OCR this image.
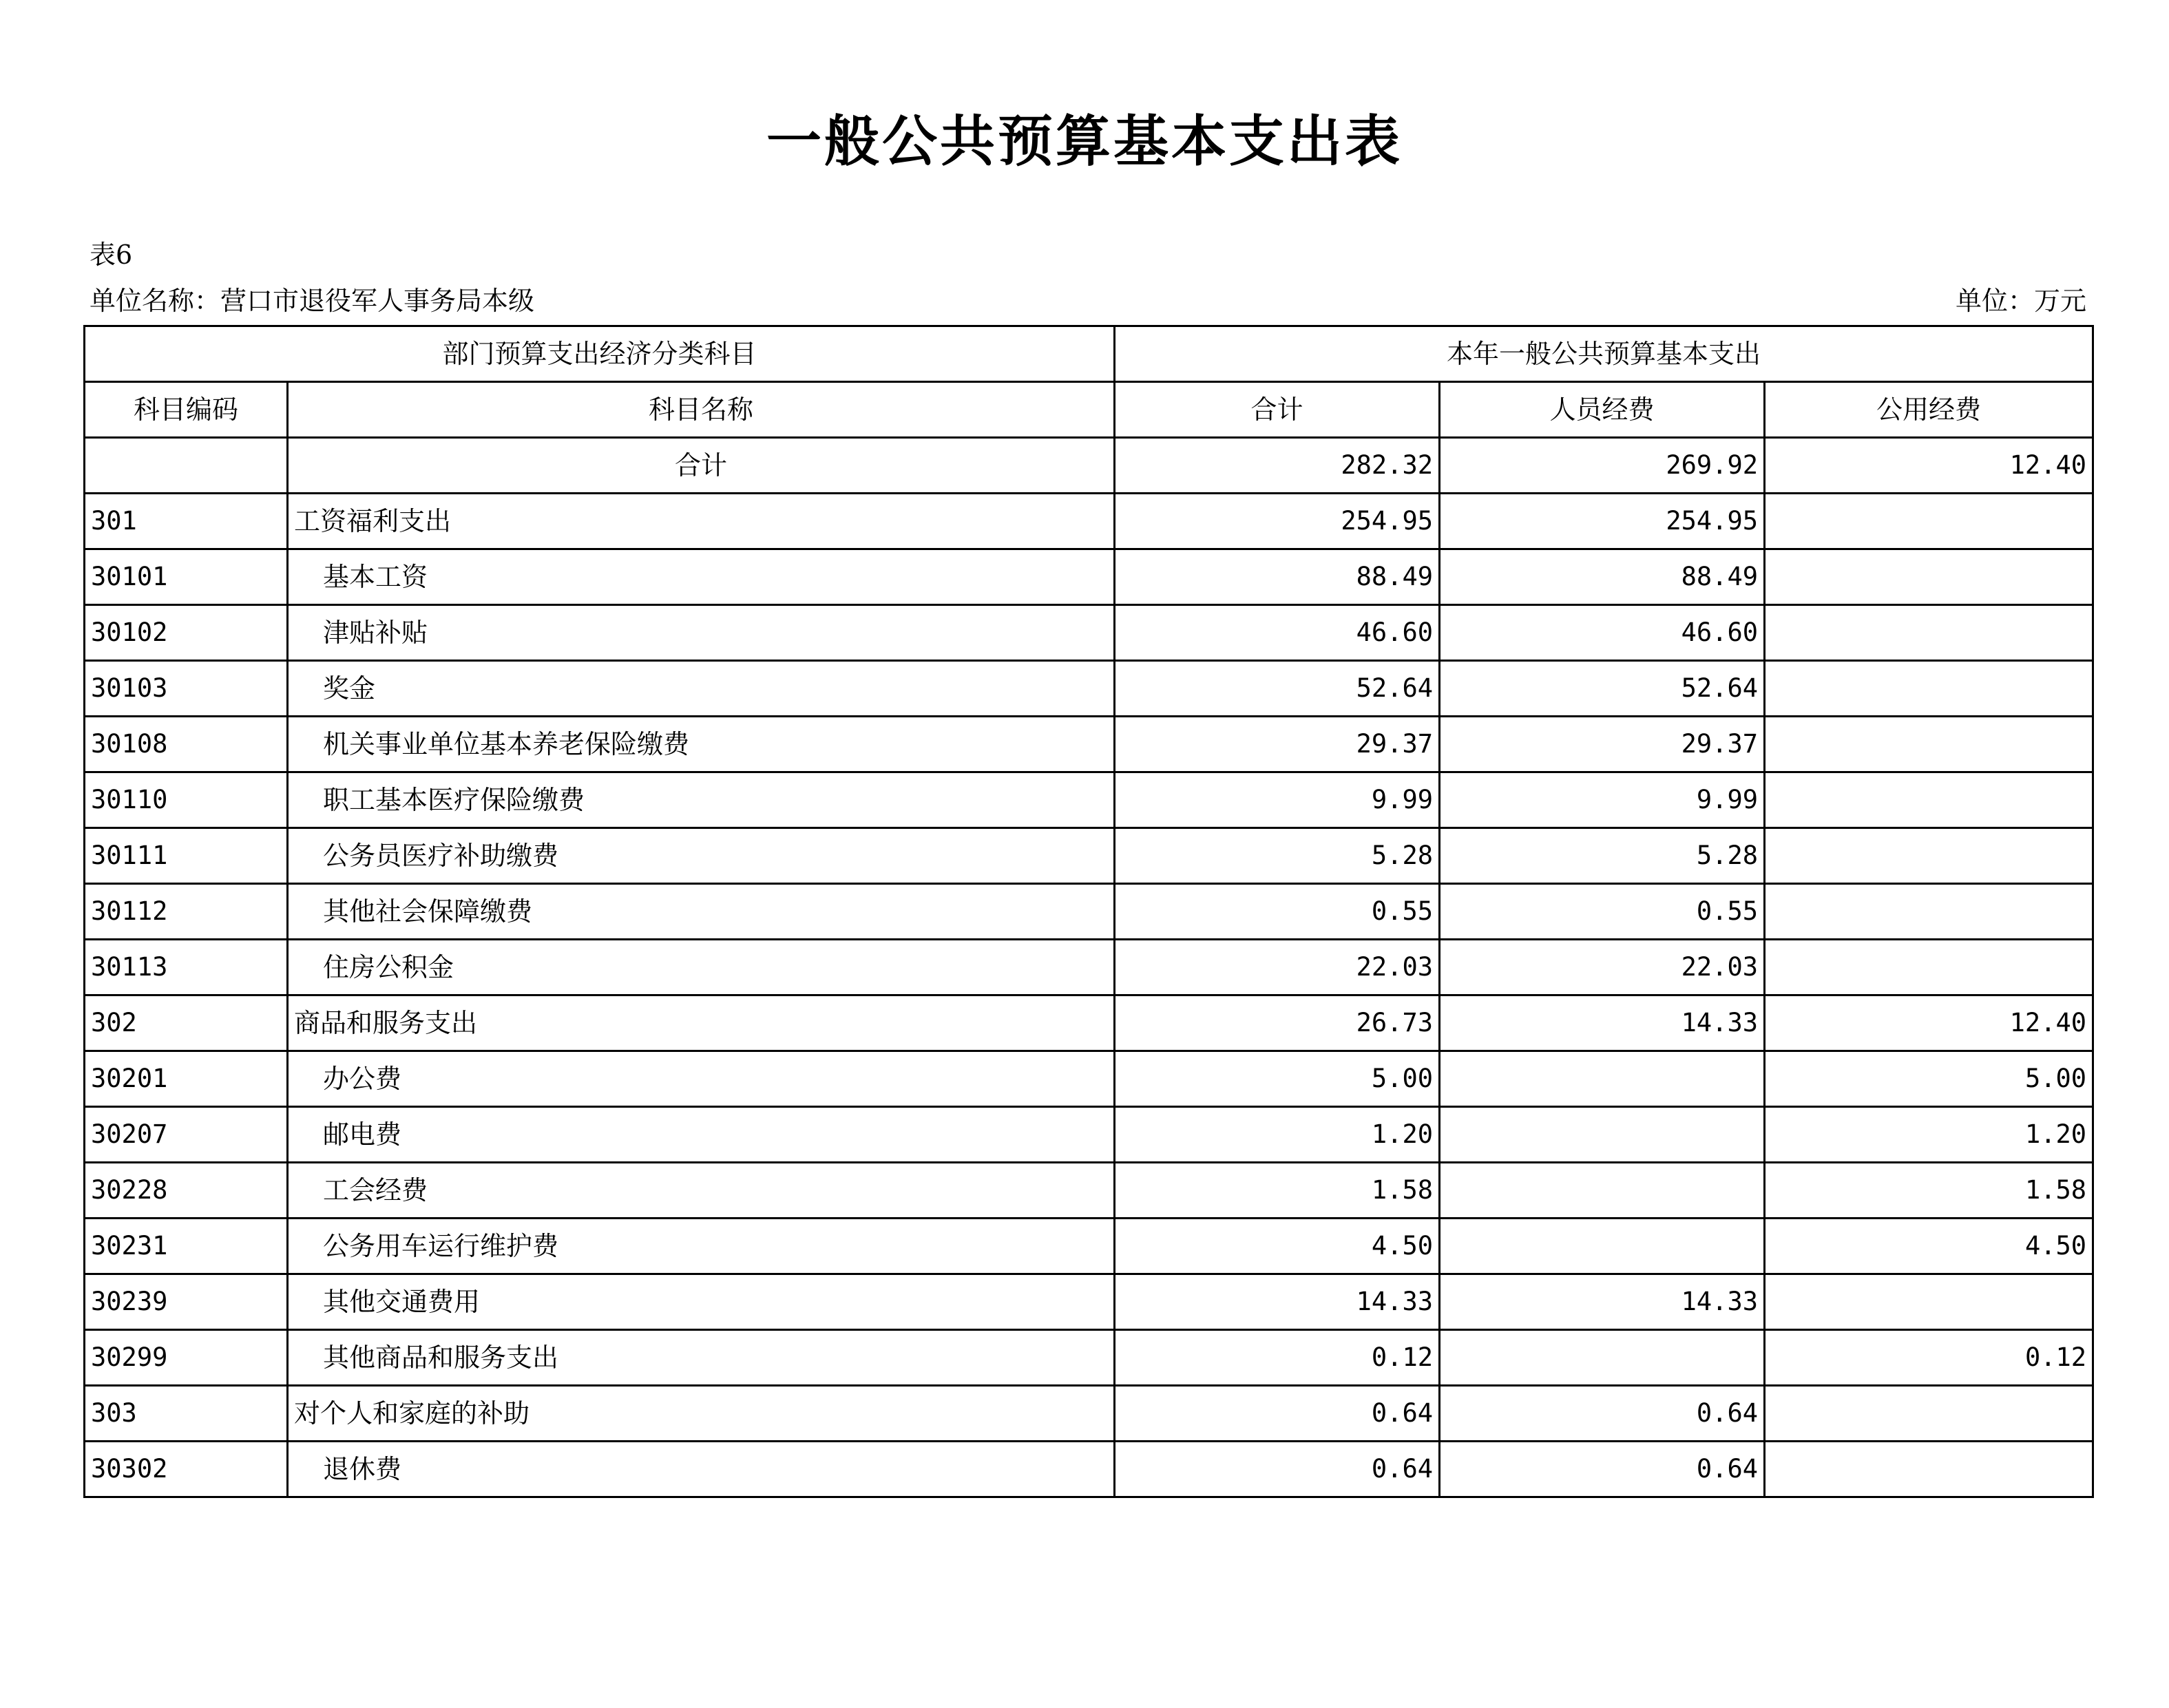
一般公共预算基本支出表
表6
单位名称：营口市退役军人事务局本级	单位：万元
部门预算支出经济分类科目		本年一般公共预算基本支出		
科目编码	科目名称	合计	人员经费	公用经费
	合计	282.32	269.92	12.40
301	工资福利支出	254.95	254.95	
30101	基本工资	88.49	88.49	
30102	津贴补贴	46.60	46.60	
30103	奖金	52.64	52.64	
30108	机关事业单位基本养老保险缴费	29.37	29.37	
30110	职工基本医疗保险缴费	9.99	9.99	
30111	公务员医疗补助缴费	5.28	5.28	
30112	其他社会保障缴费	0.55	0.55	
30113	住房公积金	22.03	22.03	
302	商品和服务支出	26.73	14.33	12.40
30201	办公费	5.00		5.00
30207	邮电费	1.20		1.20
30228	工会经费	1.58		1.58
30231	公务用车运行维护费	4.50		4.50
30239	其他交通费用	14.33	14.33	
30299	其他商品和服务支出	0.12		0.12
303	对个人和家庭的补助	0.64	0.64	
30302	退休费	0.64	0.64	
